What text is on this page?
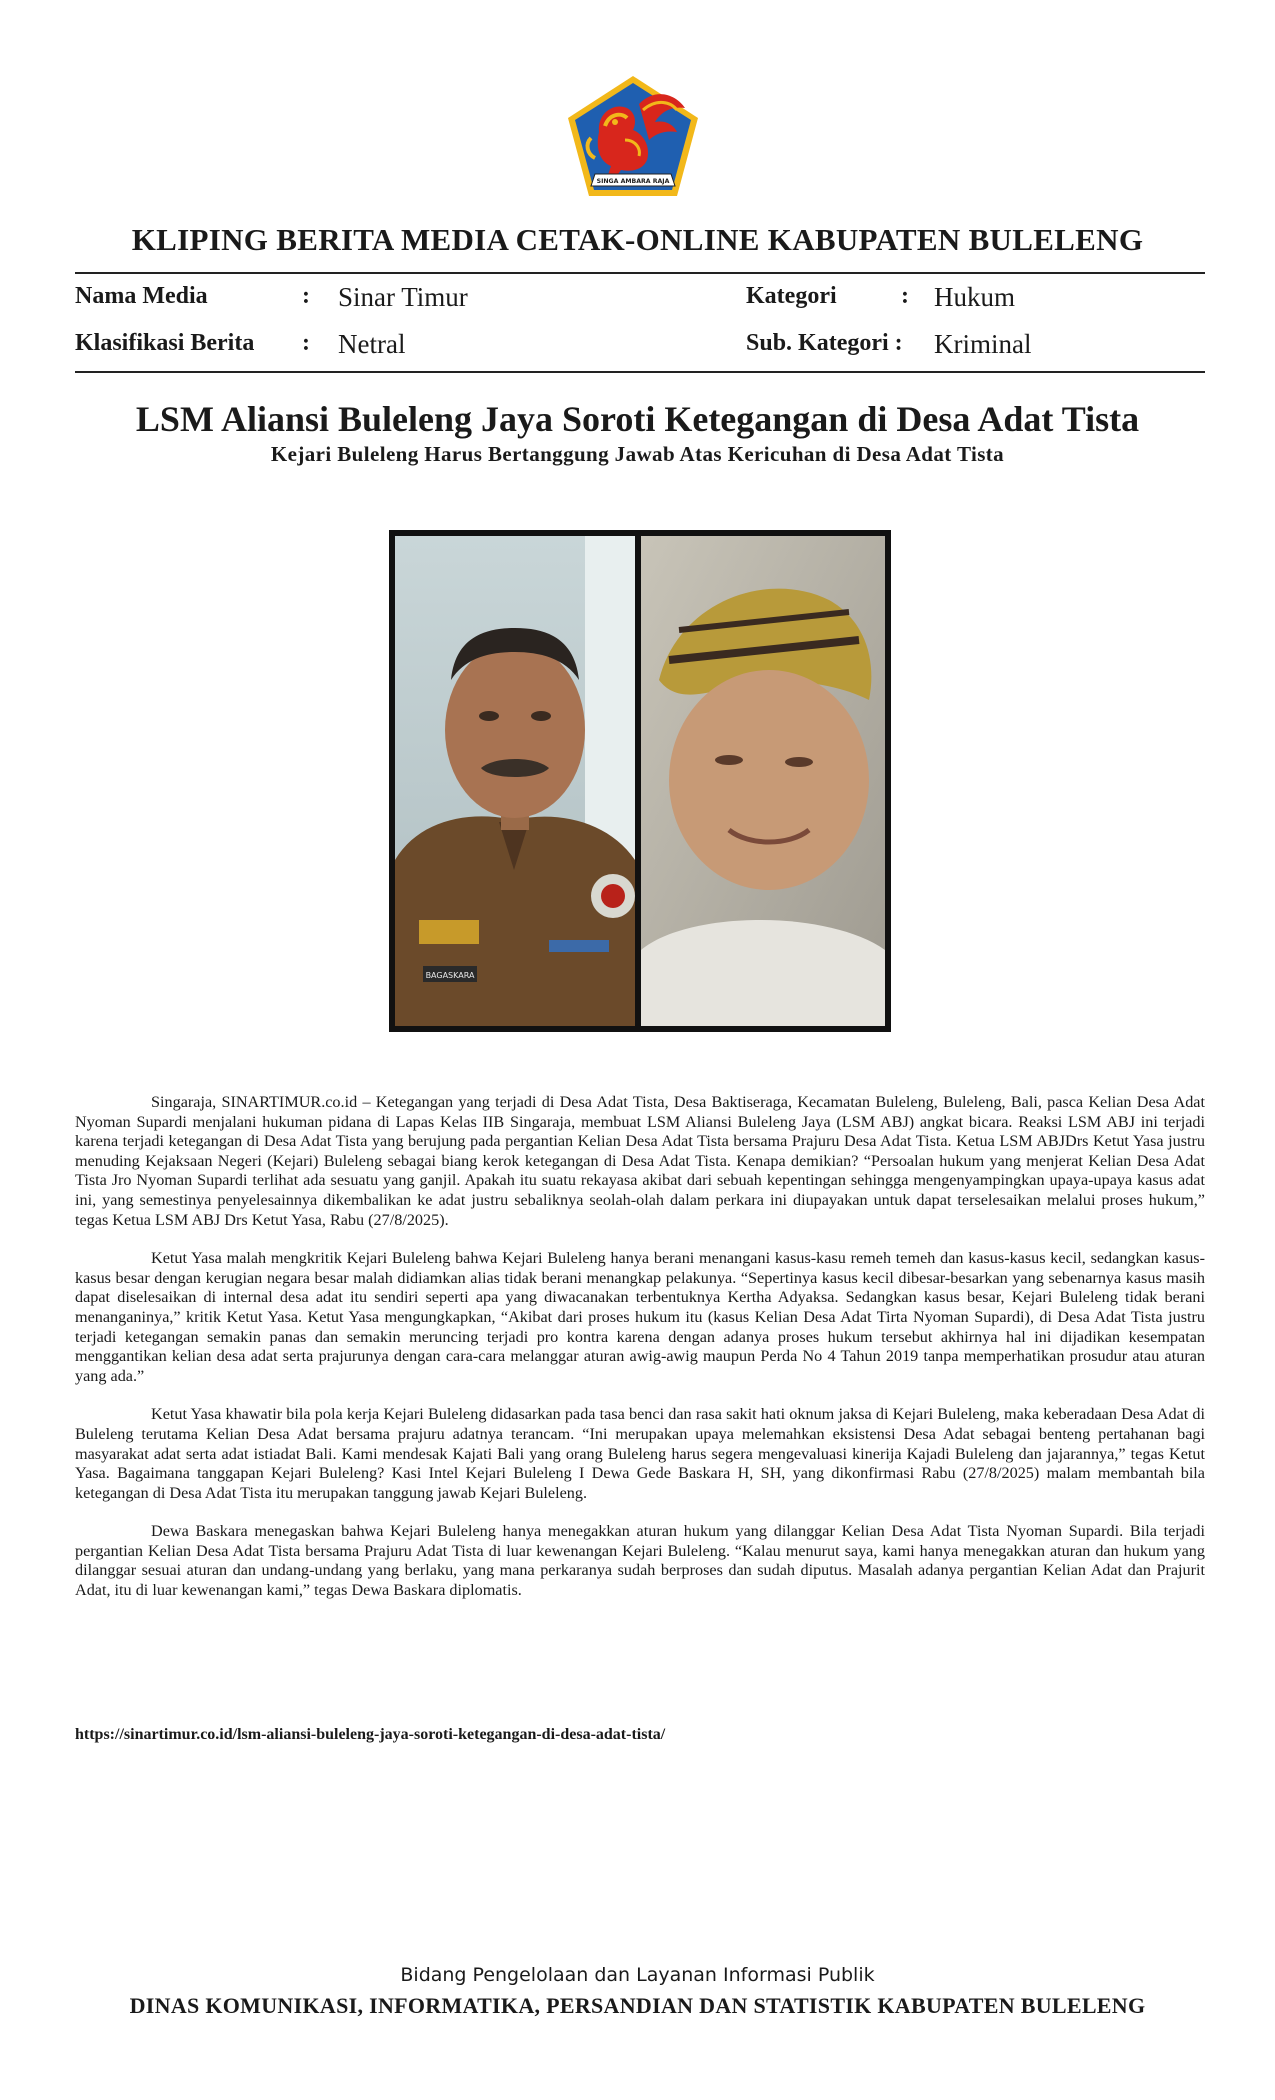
SINGA AMBARA RAJA
KLIPING BERITA MEDIA CETAK-ONLINE KABUPATEN BULELENG
Nama Media	: Sinar Timur	Kategori	: Hukum
Klasifikasi Berita : Netral	Sub. Kategori : Kriminal
LSM Aliansi Buleleng Jaya Soroti Ketegangan di Desa Adat Tista
Kejari Buleleng Harus Bertanggung Jawab Atas Kericuhan di Desa Adat Tista
BAGASKARA

Singaraja, SINARTIMUR.co.id – Ketegangan yang terjadi di Desa Adat Tista, Desa Baktiseraga, Kecamatan Buleleng, Buleleng, Bali, pasca Kelian Desa Adat Nyoman Supardi menjalani hukuman pidana di Lapas Kelas IIB Singaraja, membuat LSM Aliansi Buleleng Jaya (LSM ABJ) angkat bicara. Reaksi LSM ABJ ini terjadi karena terjadi ketegangan di Desa Adat Tista yang berujung pada pergantian Kelian Desa Adat Tista bersama Prajuru Desa Adat Tista. Ketua LSM ABJDrs Ketut Yasa justru menuding Kejaksaan Negeri (Kejari) Buleleng sebagai biang kerok ketegangan di Desa Adat Tista. Kenapa demikian? “Persoalan hukum yang menjerat Kelian Desa Adat Tista Jro Nyoman Supardi terlihat ada sesuatu yang ganjil. Apakah itu suatu rekayasa akibat dari sebuah kepentingan sehingga mengenyampingkan upaya-upaya kasus adat ini, yang semestinya penyelesainnya dikembalikan ke adat justru sebaliknya seolah-olah dalam perkara ini diupayakan untuk dapat terselesaikan melalui proses hukum,” tegas Ketua LSM ABJ Drs Ketut Yasa, Rabu (27/8/2025).

Ketut Yasa malah mengkritik Kejari Buleleng bahwa Kejari Buleleng hanya berani menangani kasus-kasu remeh temeh dan kasus-kasus kecil, sedangkan kasus-kasus besar dengan kerugian negara besar malah didiamkan alias tidak berani menangkap pelakunya. “Sepertinya kasus kecil dibesar-besarkan yang sebenarnya kasus masih dapat diselesaikan di internal desa adat itu sendiri seperti apa yang diwacanakan terbentuknya Kertha Adyaksa. Sedangkan kasus besar, Kejari Buleleng tidak berani menanganinya,” kritik Ketut Yasa. Ketut Yasa mengungkapkan, “Akibat dari proses hukum itu (kasus Kelian Desa Adat Tirta Nyoman Supardi), di Desa Adat Tista justru terjadi ketegangan semakin panas dan semakin meruncing terjadi pro kontra karena dengan adanya proses hukum tersebut akhirnya hal ini dijadikan kesempatan menggantikan kelian desa adat serta prajurunya dengan cara-cara melanggar aturan awig-awig maupun Perda No 4 Tahun 2019 tanpa memperhatikan prosudur atau aturan yang ada.”

Ketut Yasa khawatir bila pola kerja Kejari Buleleng didasarkan pada tasa benci dan rasa sakit hati oknum jaksa di Kejari Buleleng, maka keberadaan Desa Adat di Buleleng terutama Kelian Desa Adat bersama prajuru adatnya terancam. “Ini merupakan upaya melemahkan eksistensi Desa Adat sebagai benteng pertahanan bagi masyarakat adat serta adat istiadat Bali. Kami mendesak Kajati Bali yang orang Buleleng harus segera mengevaluasi kinerija Kajadi Buleleng dan jajarannya,” tegas Ketut Yasa. Bagaimana tanggapan Kejari Buleleng? Kasi Intel Kejari Buleleng I Dewa Gede Baskara H, SH, yang dikonfirmasi Rabu (27/8/2025) malam membantah bila ketegangan di Desa Adat Tista itu merupakan tanggung jawab Kejari Buleleng.

Dewa Baskara menegaskan bahwa Kejari Buleleng hanya menegakkan aturan hukum yang dilanggar Kelian Desa Adat Tista Nyoman Supardi. Bila terjadi pergantian Kelian Desa Adat Tista bersama Prajuru Adat Tista di luar kewenangan Kejari Buleleng. “Kalau menurut saya, kami hanya menegakkan aturan dan hukum yang dilanggar sesuai aturan dan undang-undang yang berlaku, yang mana perkaranya sudah berproses dan sudah diputus. Masalah adanya pergantian Kelian Adat dan Prajurit Adat, itu di luar kewenangan kami,” tegas Dewa Baskara diplomatis.

https://sinartimur.co.id/lsm-aliansi-buleleng-jaya-soroti-ketegangan-di-desa-adat-tista/
Bidang Pengelolaan dan Layanan Informasi Publik
DINAS KOMUNIKASI, INFORMATIKA, PERSANDIAN DAN STATISTIK KABUPATEN BULELENG
